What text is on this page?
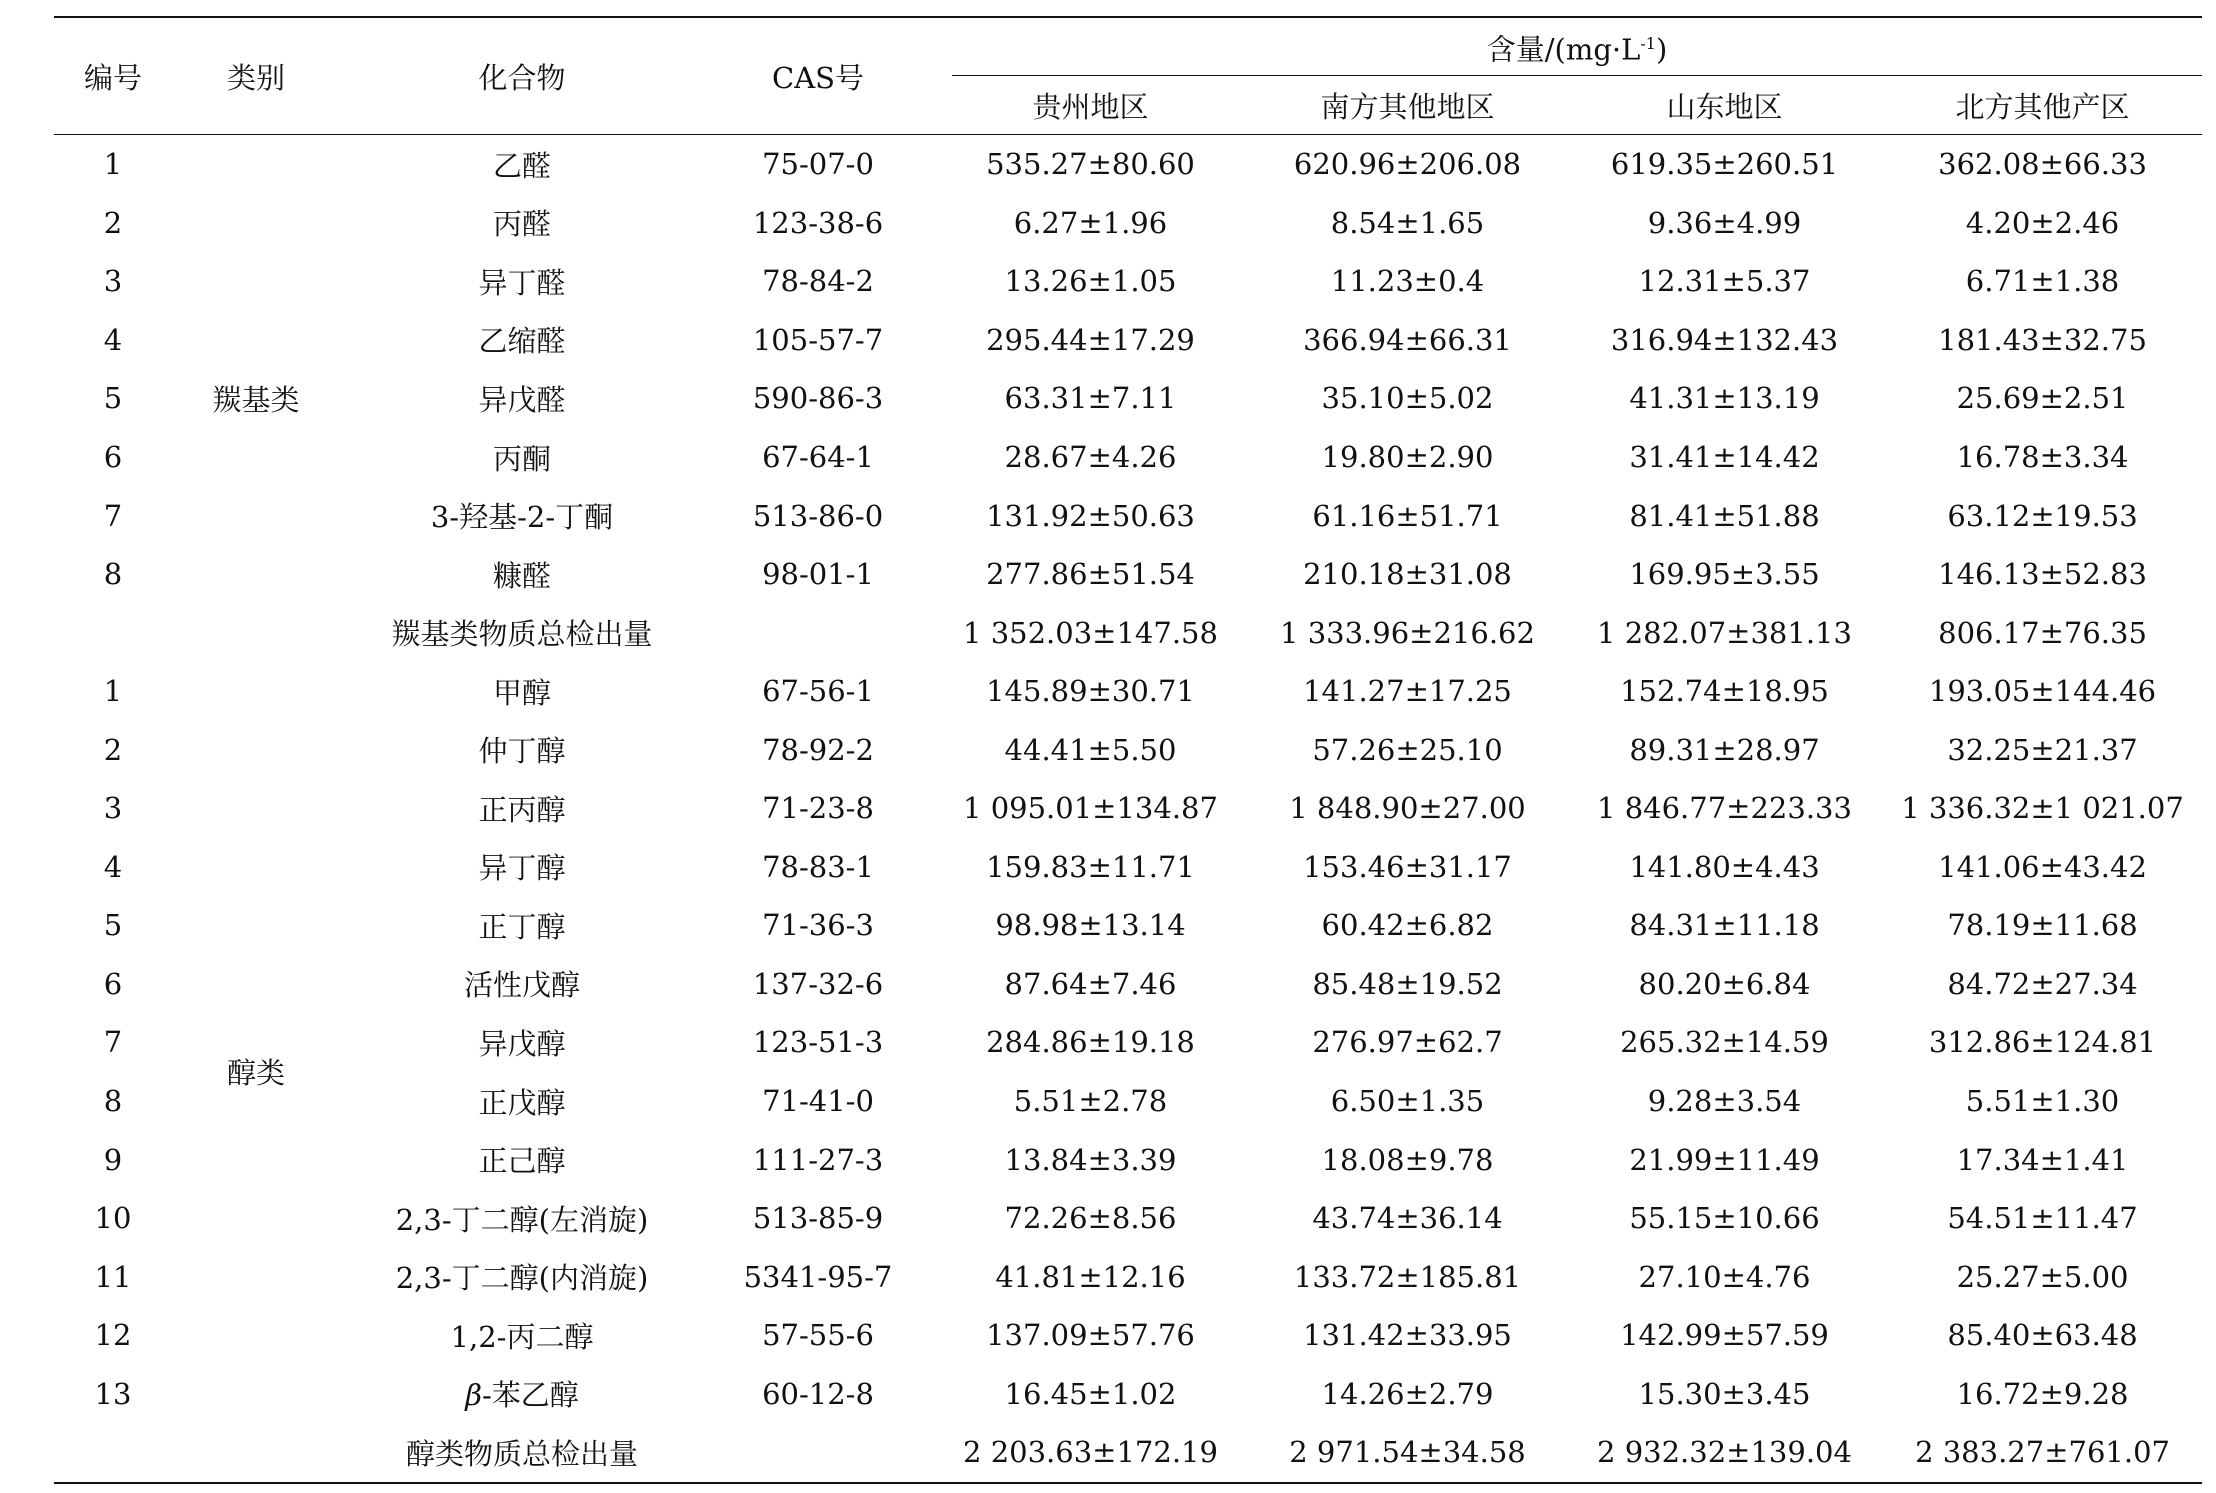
编号	类别	化合物	CAS号	含量$/(mg\cdot L^{-1})$			

				贵州地区	南方其他地区	山东地区	北方其他产区
1	羰基类	乙醛	75-07-0	535.27±80.60	620.96±206.08	619.35±260.51	362.08±66.33
2		丙醛	123-38-6	6.27±1.96	8.54±1.65	9.36±4.99	4.20±2.46
3		异丁醛	78-84-2	13.26±1.05	11.23±0.4	12.31±5.37	6.71±1.38
4		乙缩醛	105-57-7	295.44±17.29	366.94±66.31	316.94±132.43	181.43±32.75
5		异戊醛	590-86-3	63.31±7.11	35.10±5.02	41.31±13.19	25.69±2.51
6		丙酮	67-64-1	28.67±4.26	19.80±2.90	31.41±14.42	16.78±3.34
7		3-羟基-2-丁酮	513-86-0	131.92±50.63	61.16±51.71	81.41±51.88	63.12±19.53
8		糠醛	98-01-1	277.86±51.54	210.18±31.08	169.95±3.55	146.13±52.83
		羰基类物质总检出量		1 352.03±147.58	1 333.96±216.62	1 282.07±381.13	806.17±76.35
1	醇类	甲醇	67-56-1	145.89±30.71	141.27±17.25	152.74±18.95	193.05±144.46
2		仲丁醇	78-92-2	44.41±5.50	57.26±25.10	89.31±28.97	32.25±21.37
3		正丙醇	71-23-8	1 095.01±134.87	1 848.90±27.00	1 846.77±223.33	1 336.32±1 021.07
4		异丁醇	78-83-1	159.83±11.71	153.46±31.17	141.80±4.43	141.06±43.42
5		正丁醇	71-36-3	98.98±13.14	60.42±6.82	84.31±11.18	78.19±11.68
6		活性戊醇	137-32-6	87.64±7.46	85.48±19.52	80.20±6.84	84.72±27.34
7		异戊醇	123-51-3	284.86±19.18	276.97±62.7	265.32±14.59	312.86±124.81
8		正戊醇	71-41-0	5.51±2.78	6.50±1.35	9.28±3.54	5.51±1.30
9		正己醇	111-27-3	13.84±3.39	18.08±9.78	21.99±11.49	17.34±1.41
10		2,3-丁二醇(左消旋)	513-85-9	72.26±8.56	43.74±36.14	55.15±10.66	54.51±11.47
11		2,3-丁二醇(内消旋)	5341-95-7	41.81±12.16	133.72±185.81	27.10±4.76	25.27±5.00
12		1,2-丙二醇	57-55-6	137.09±57.76	131.42±33.95	142.99±57.59	85.40±63.48
13		β-苯乙醇	60-12-8	16.45±1.02	14.26±2.79	15.30±3.45	16.72±9.28
		醇类物质总检出量		2 203.63±172.19	2 971.54±34.58	2 932.32±139.04	2 383.27±761.07
